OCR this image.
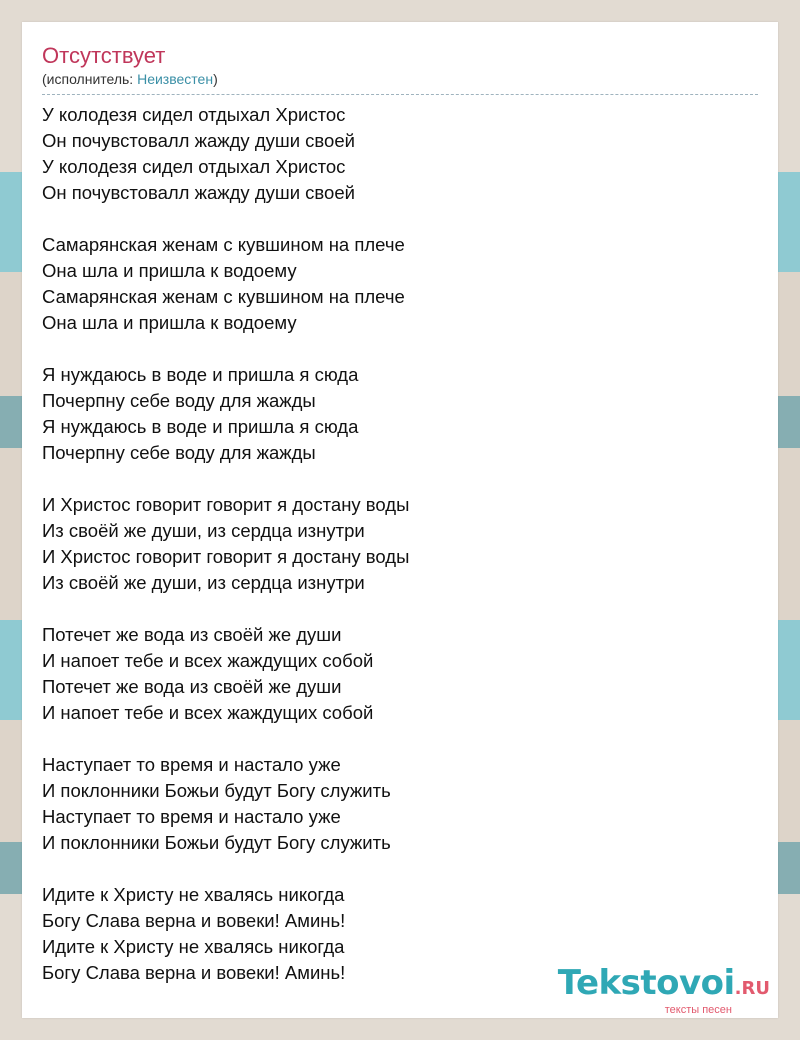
Отсутствует
(исполнитель: Неизвестен)
У колодезя сидел отдыхал Христос
Он почувстовалл жажду души своей
У колодезя сидел отдыхал Христос
Он почувстовалл жажду души своей
Самарянская женам с кувшином на плече
Она шла и пришла к водоему
Самарянская женам с кувшином на плече
Она шла и пришла к водоему
Я нуждаюсь в воде и пришла я сюда
Почерпну себе воду для жажды
Я нуждаюсь в воде и пришла я сюда
Почерпну себе воду для жажды
И Христос говорит говорит я достану воды
Из своёй же души, из сердца изнутри
И Христос говорит говорит я достану воды
Из своёй же души, из сердца изнутри
Потечет же вода из своёй же души
И напоет тебе и всех жаждущих собой
Потечет же вода из своёй же души
И напоет тебе и всех жаждущих собой
Наступает то время и настало уже
И поклонники Божьи будут Богу служить
Наступает то время и настало уже
И поклонники Божьи будут Богу служить
Идите к Христу не хвалясь никогда
Богу Слава верна и вовеки! Аминь!
Идите к Христу не хвалясь никогда
Богу Слава верна и вовеки! Аминь!	Tekstovoi.RU
тексты песен
